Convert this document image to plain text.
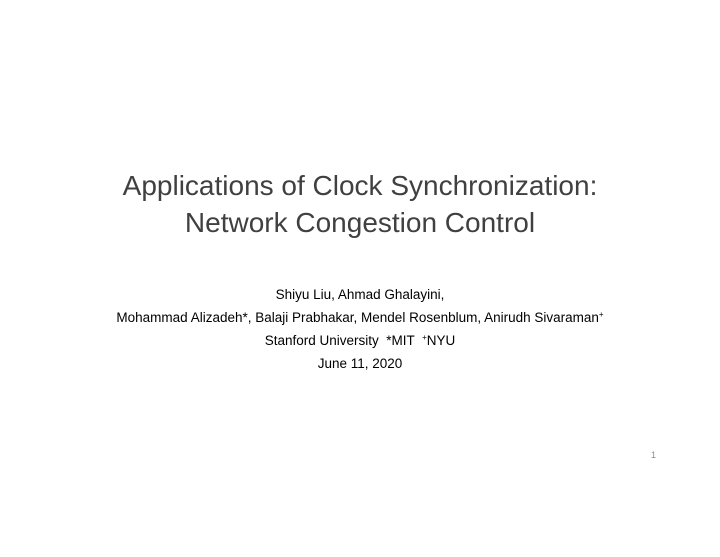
Applications of Clock Synchronization:
Network Congestion Control
Shiyu Liu, Ahmad Ghalayini,
Mohammad Alizadeh*, Balaji Prabhakar, Mendel Rosenblum, Anirudh Sivaraman+
Stanford University  *MIT  +NYU
June 11, 2020
1
